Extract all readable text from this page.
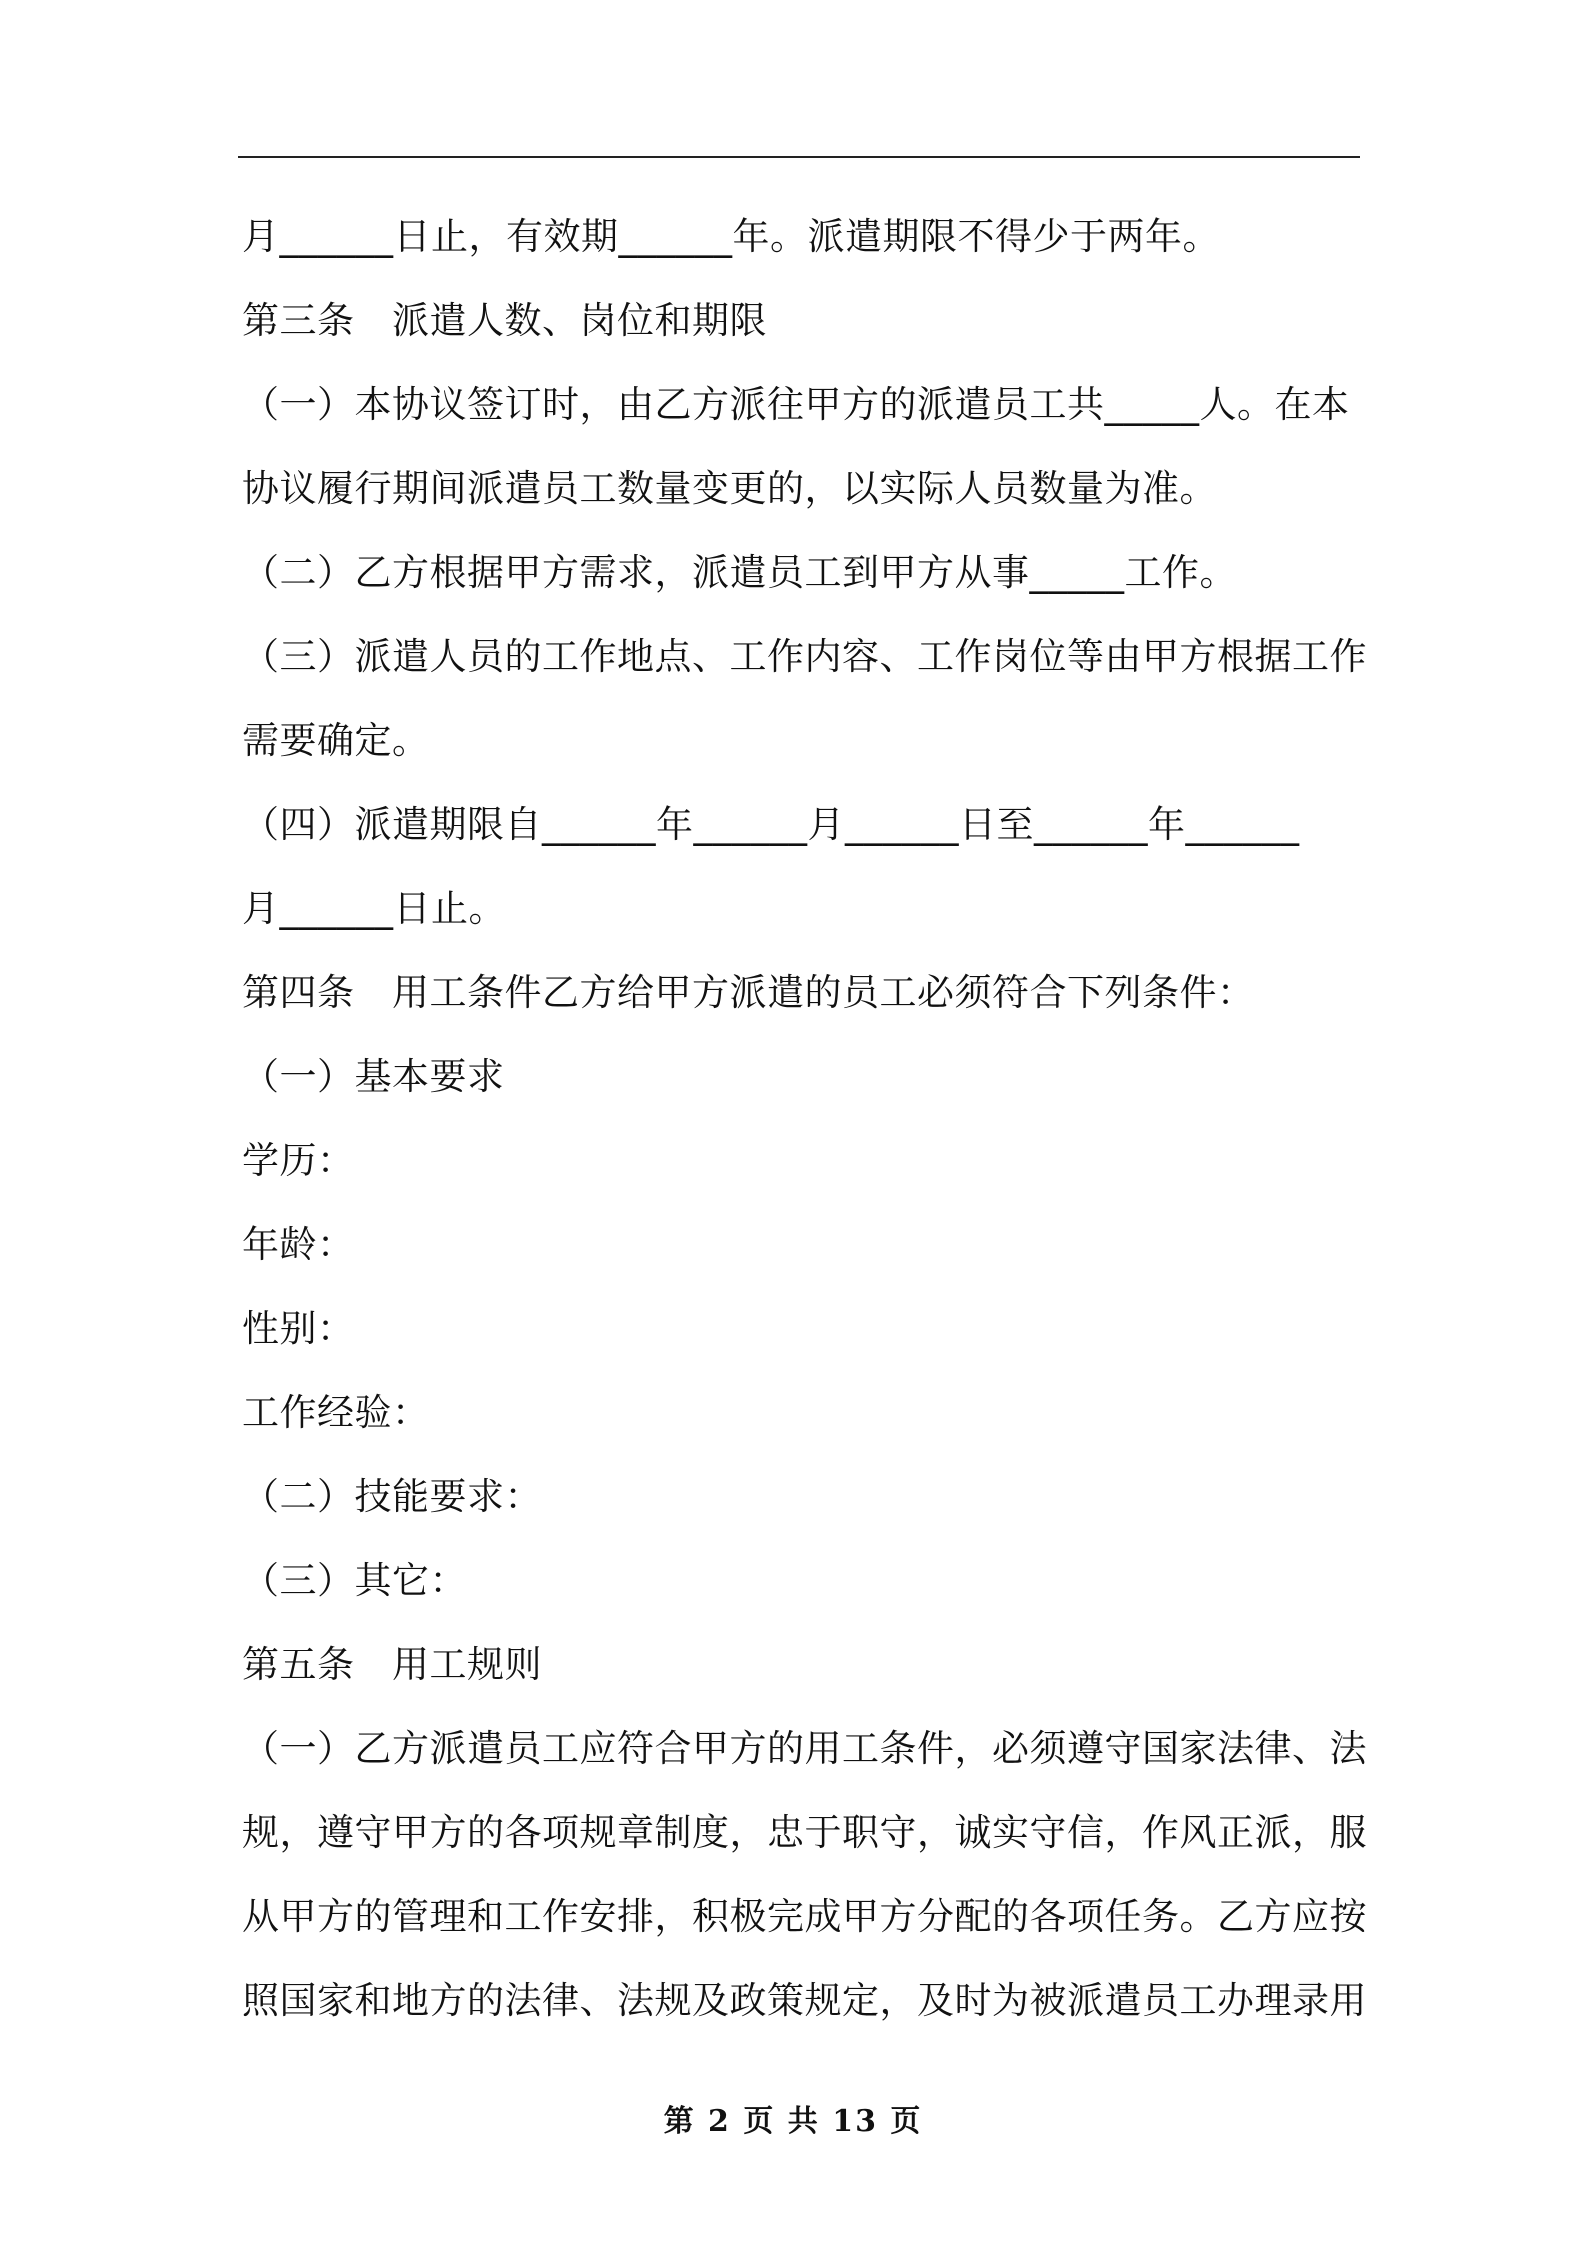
月______日止，有效期______年。派遣期限不得少于两年。
第三条　派遣人数、岗位和期限
（一）本协议签订时，由乙方派往甲方的派遣员工共_____人。在本
协议履行期间派遣员工数量变更的，以实际人员数量为准。
（二）乙方根据甲方需求，派遣员工到甲方从事_____工作。
（三）派遣人员的工作地点、工作内容、工作岗位等由甲方根据工作
需要确定。
（四）派遣期限自______年______月______日至______年______
月______日止。
第四条　用工条件乙方给甲方派遣的员工必须符合下列条件：
（一）基本要求
学历：
年龄：
性别：
工作经验：
（二）技能要求：
（三）其它：
第五条　用工规则
（一）乙方派遣员工应符合甲方的用工条件，必须遵守国家法律、法
规，遵守甲方的各项规章制度，忠于职守，诚实守信，作风正派，服
从甲方的管理和工作安排，积极完成甲方分配的各项任务。乙方应按
照国家和地方的法律、法规及政策规定，及时为被派遣员工办理录用
第 2 页 共 13 页
